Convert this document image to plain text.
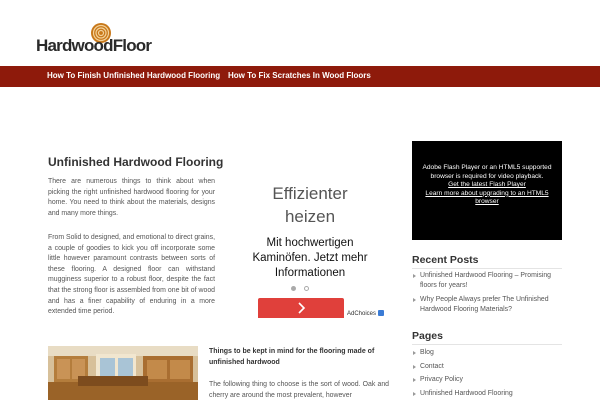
HardwoodFloor
How To Finish Unfinished Hardwood Flooring How To Fix Scratches In Wood Floors
Unfinished Hardwood Flooring

There are numerous things to think about when picking the right unfinished hardwood flooring for your home. You need to think about the materials, designs and many more things.

From Solid to designed, and emotional to direct grains, a couple of goodies to kick you off incorporate some little however paramount contrasts between sorts of these flooring. A designed floor can withstand mugginess superior to a robust floor, despite the fact that the strong floor is assembled from one bit of wood and has a finer capability of enduring in a more extended time period.

Effizienter heizen
Mit hochwertigen Kaminöfen. Jetzt mehr Informationen
AdChoices
Things to be kept in mind for the flooring made of unfinished hardwood

The following thing to choose is the sort of wood. Oak and cherry are around the most prevalent, however

Adobe Flash Player or an HTML5 supported browser is required for video playback.
Get the latest Flash Player
Learn more about upgrading to an HTML5 browser
Recent Posts
Unfinished Hardwood Flooring – Promising floors for years!
Why People Always prefer The Unfinished Hardwood Flooring Materials?
Pages
Blog
Contact
Privacy Policy
Unfinished Hardwood Flooring
